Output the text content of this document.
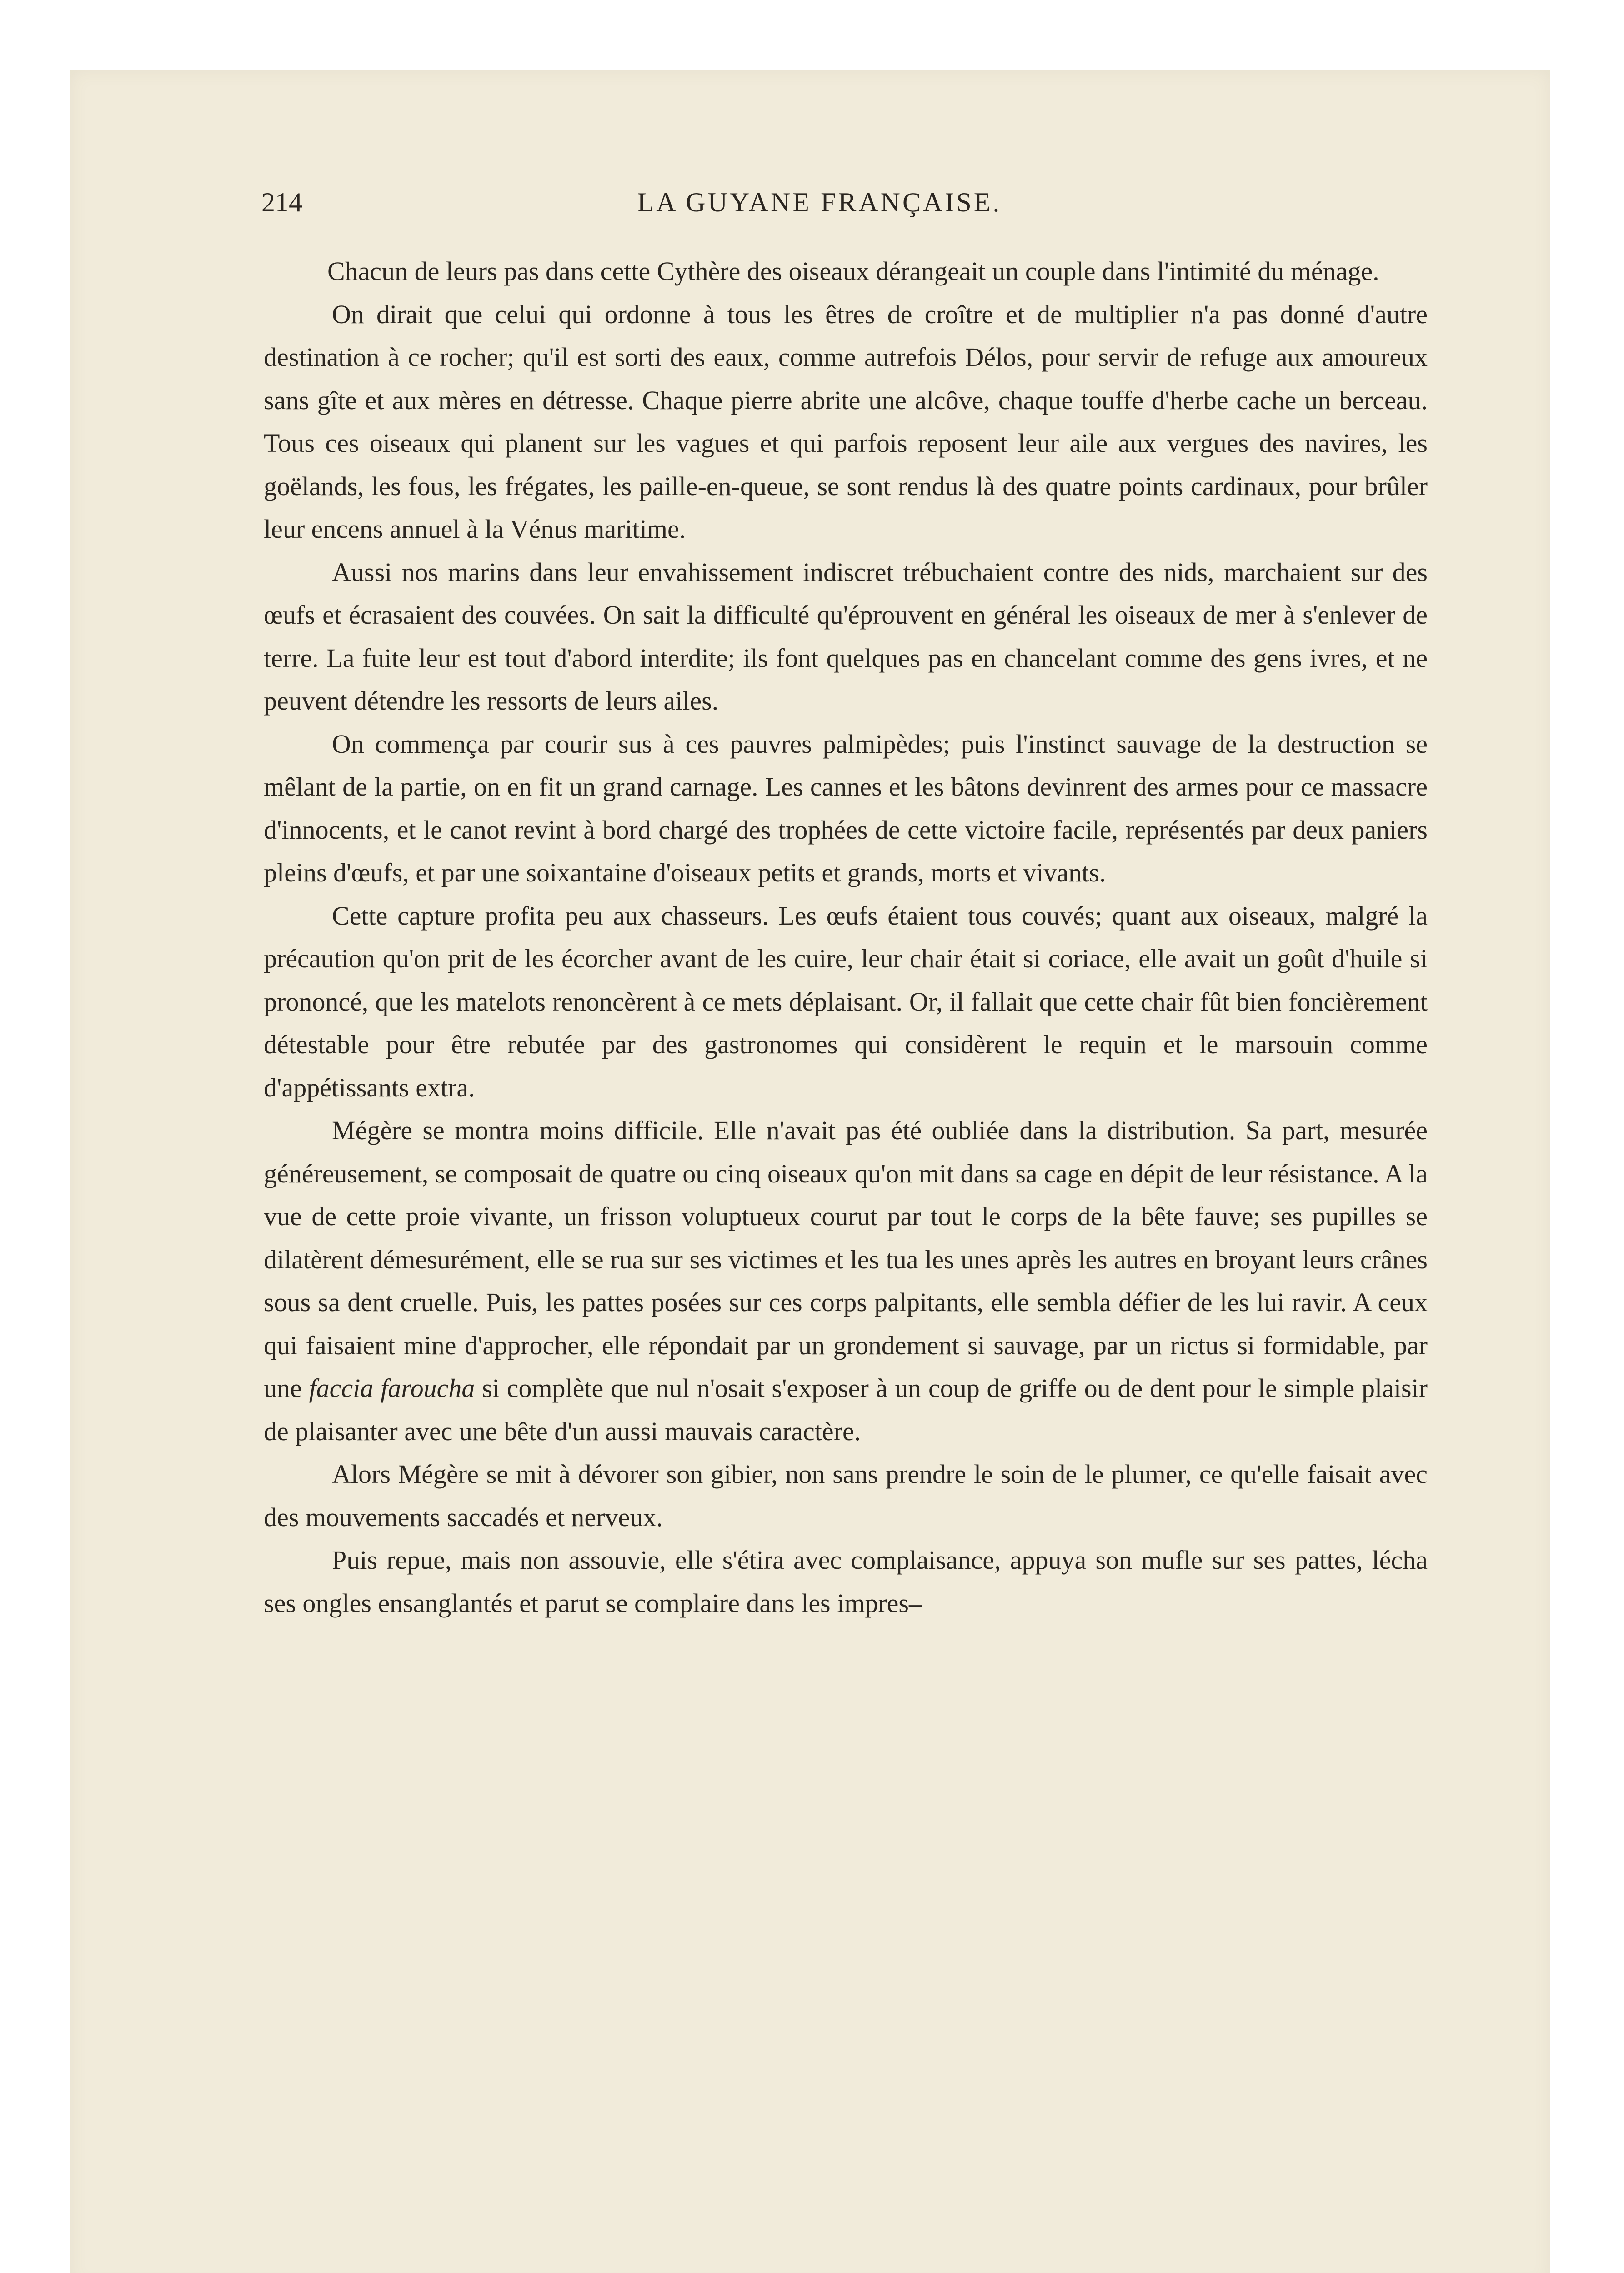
214	LA GUYANE FRANÇAISE.

Chacun de leurs pas dans cette Cythère des oiseaux dérangeait un couple dans l'intimité du ménage.

On dirait que celui qui ordonne à tous les êtres de croître et de multiplier n'a pas donné d'autre destination à ce rocher; qu'il est sorti des eaux, comme autrefois Délos, pour servir de refuge aux amoureux sans gîte et aux mères en détresse. Chaque pierre abrite une alcôve, chaque touffe d'herbe cache un berceau. Tous ces oiseaux qui planent sur les vagues et qui parfois reposent leur aile aux vergues des navires, les goëlands, les fous, les frégates, les paille-en-queue, se sont rendus là des quatre points cardinaux, pour brûler leur encens annuel à la Vénus maritime.

Aussi nos marins dans leur envahissement indiscret trébuchaient contre des nids, marchaient sur des œufs et écrasaient des couvées. On sait la difficulté qu'éprouvent en général les oiseaux de mer à s'enlever de terre. La fuite leur est tout d'abord interdite; ils font quelques pas en chancelant comme des gens ivres, et ne peuvent détendre les ressorts de leurs ailes.

On commença par courir sus à ces pauvres palmipèdes; puis l'instinct sauvage de la destruction se mêlant de la partie, on en fit un grand carnage. Les cannes et les bâtons devinrent des armes pour ce massacre d'innocents, et le canot revint à bord chargé des trophées de cette victoire facile, représentés par deux paniers pleins d'œufs, et par une soixantaine d'oiseaux petits et grands, morts et vivants.

Cette capture profita peu aux chasseurs. Les œufs étaient tous couvés; quant aux oiseaux, malgré la précaution qu'on prit de les écorcher avant de les cuire, leur chair était si coriace, elle avait un goût d'huile si prononcé, que les matelots renoncèrent à ce mets déplaisant. Or, il fallait que cette chair fût bien foncièrement détestable pour être rebutée par des gastronomes qui considèrent le requin et le marsouin comme d'appétissants extra.

Mégère se montra moins difficile. Elle n'avait pas été oubliée dans la distribution. Sa part, mesurée généreusement, se composait de quatre ou cinq oiseaux qu'on mit dans sa cage en dépit de leur résistance. A la vue de cette proie vivante, un frisson voluptueux courut par tout le corps de la bête fauve; ses pupilles se dilatèrent démesurément, elle se rua sur ses victimes et les tua les unes après les autres en broyant leurs crânes sous sa dent cruelle. Puis, les pattes posées sur ces corps palpitants, elle sembla défier de les lui ravir. A ceux qui faisaient mine d'approcher, elle répondait par un grondement si sauvage, par un rictus si formidable, par une faccia faroucha si complète que nul n'osait s'exposer à un coup de griffe ou de dent pour le simple plaisir de plaisanter avec une bête d'un aussi mauvais caractère.

Alors Mégère se mit à dévorer son gibier, non sans prendre le soin de le plumer, ce qu'elle faisait avec des mouvements saccadés et nerveux.

Puis repue, mais non assouvie, elle s'étira avec complaisance, appuya son mufle sur ses pattes, lécha ses ongles ensanglantés et parut se complaire dans les impres–
